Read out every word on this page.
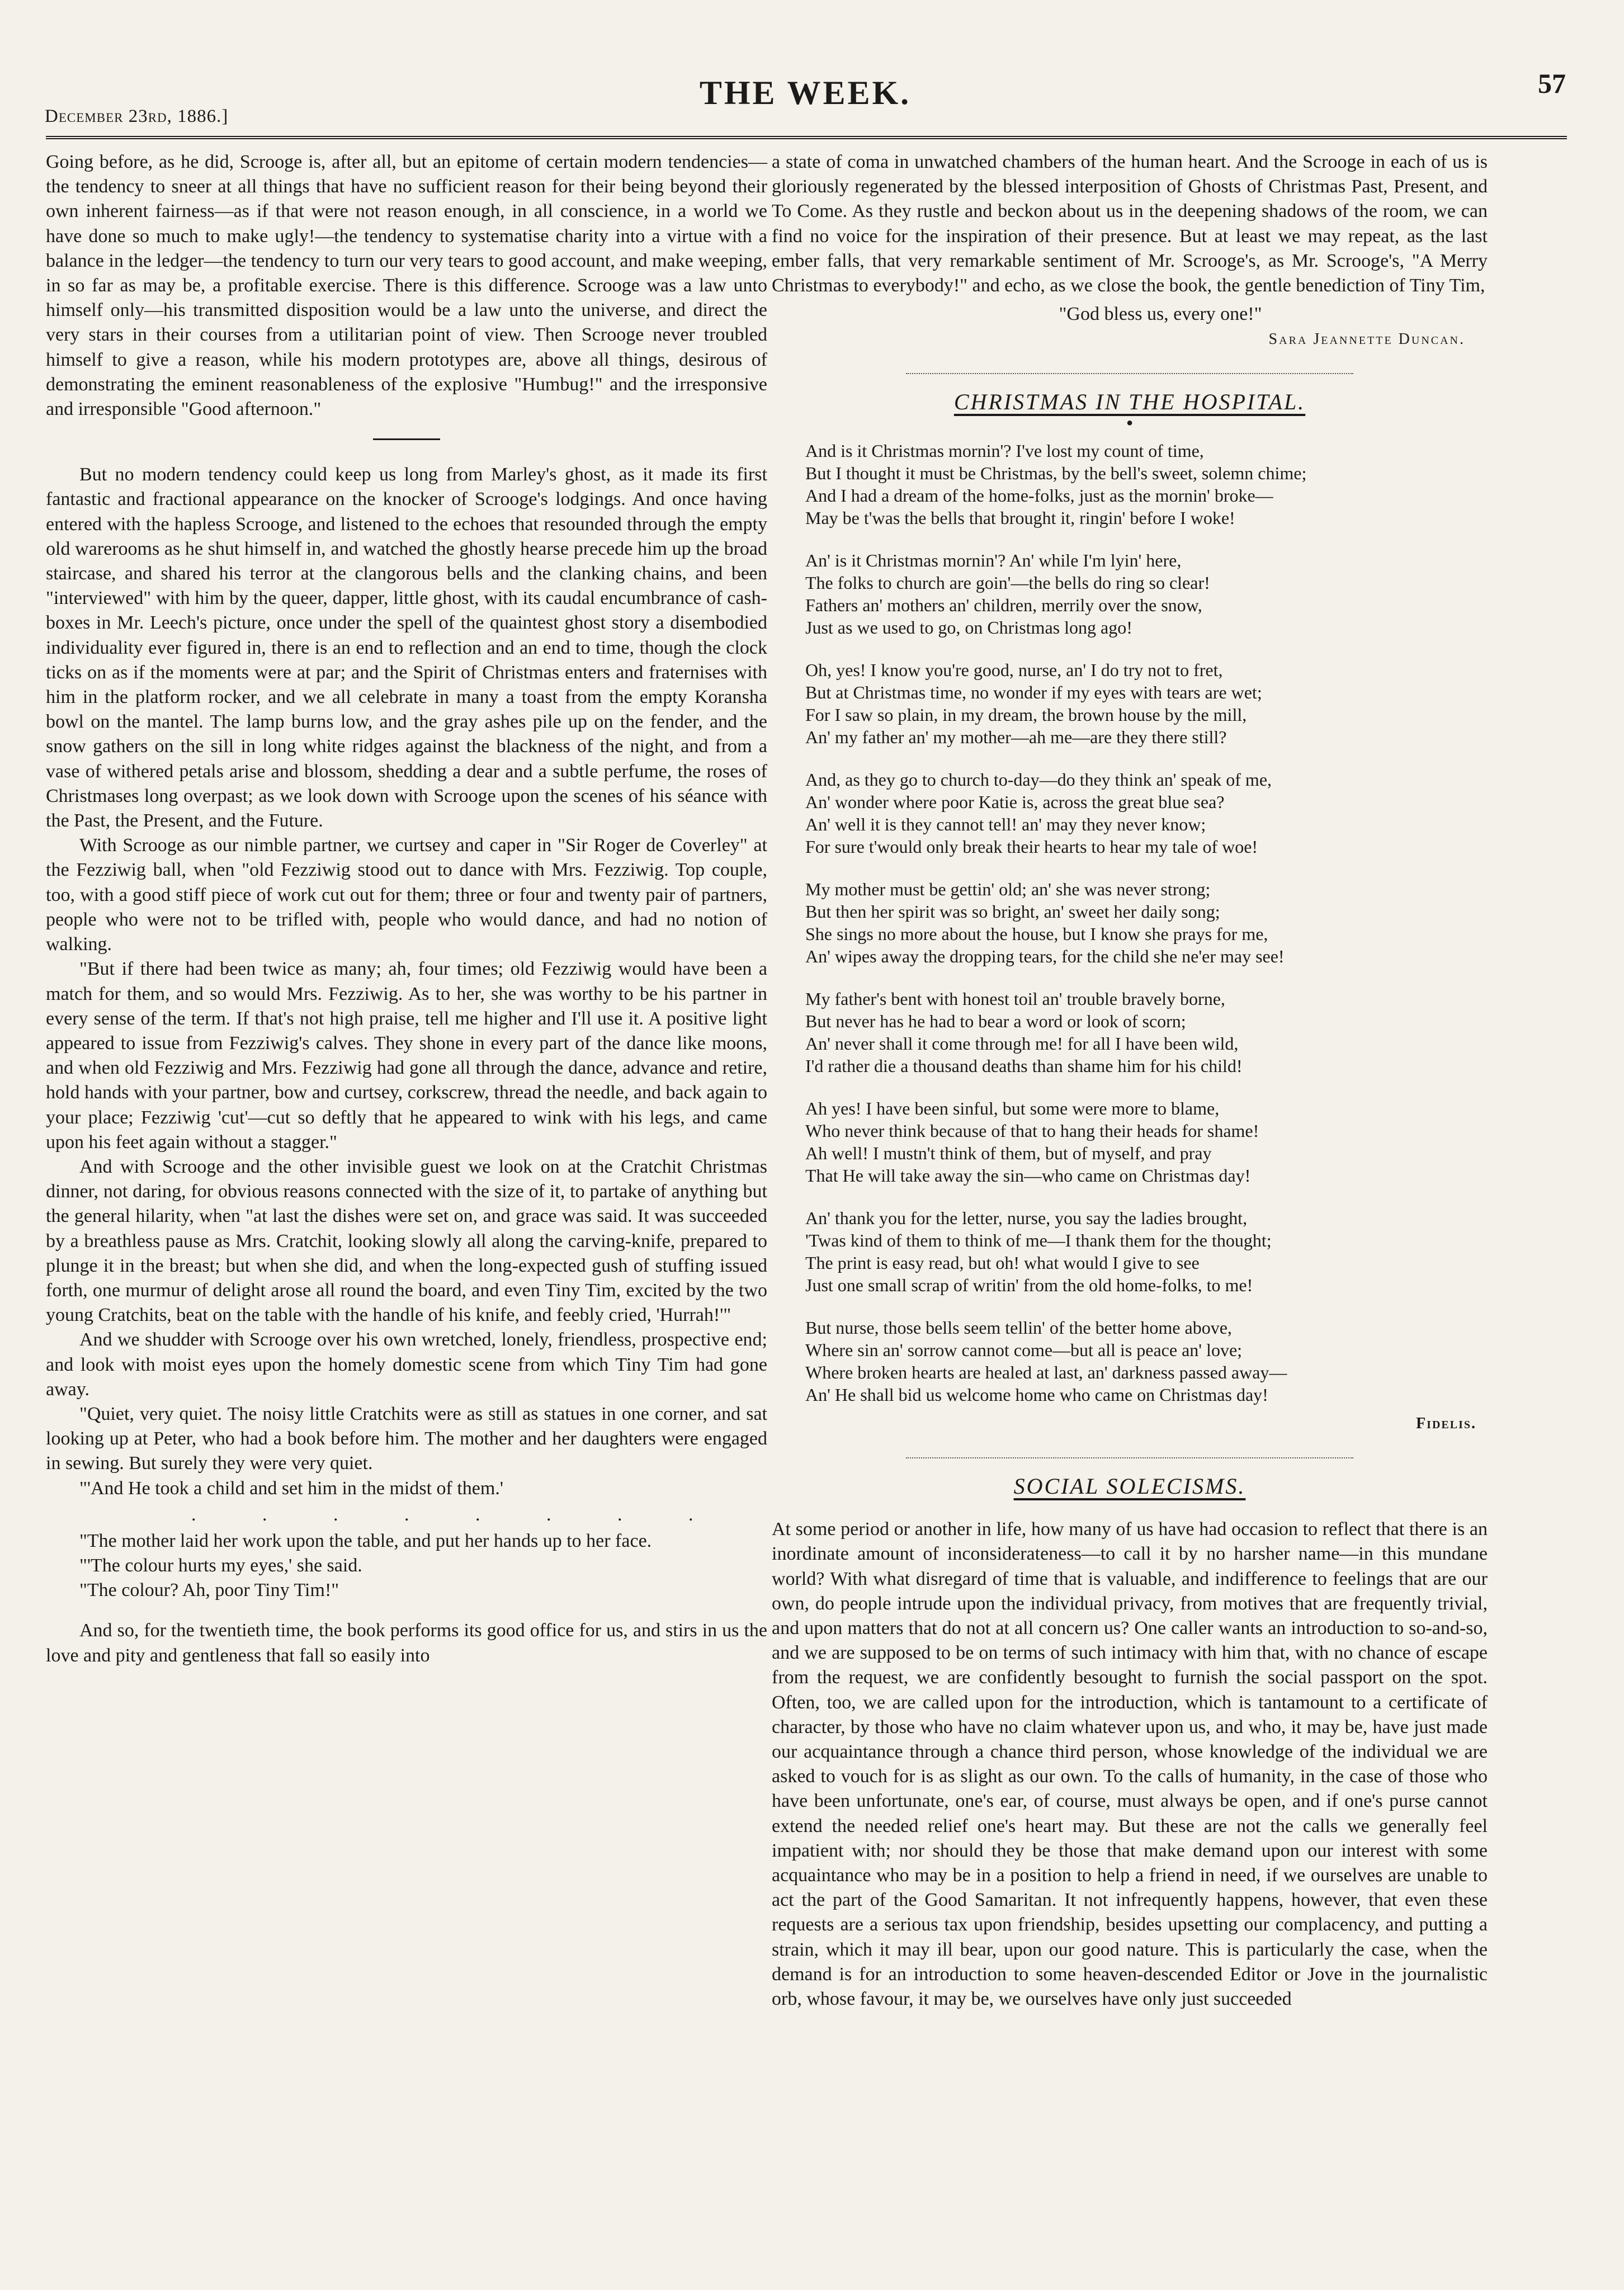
December 23rd, 1886.]
THE WEEK.	57

Going before, as he did, Scrooge is, after all, but an epitome of certain modern tendencies—the tendency to sneer at all things that have no sufficient reason for their being beyond their own inherent fairness—as if that were not reason enough, in all conscience, in a world we have done so much to make ugly!—the tendency to systematise charity into a virtue with a balance in the ledger—the tendency to turn our very tears to good account, and make weeping, in so far as may be, a profitable exercise. There is this difference. Scrooge was a law unto himself only—his transmitted disposition would be a law unto the universe, and direct the very stars in their courses from a utilitarian point of view. Then Scrooge never troubled himself to give a reason, while his modern prototypes are, above all things, desirous of demonstrating the eminent reasonableness of the explosive "Humbug!" and the irresponsive and irresponsible "Good afternoon."

But no modern tendency could keep us long from Marley's ghost, as it made its first fantastic and fractional appearance on the knocker of Scrooge's lodgings. And once having entered with the hapless Scrooge, and listened to the echoes that resounded through the empty old warerooms as he shut himself in, and watched the ghostly hearse precede him up the broad staircase, and shared his terror at the clangorous bells and the clanking chains, and been "interviewed" with him by the queer, dapper, little ghost, with its caudal encumbrance of cash-boxes in Mr. Leech's picture, once under the spell of the quaintest ghost story a disembodied individuality ever figured in, there is an end to reflection and an end to time, though the clock ticks on as if the moments were at par; and the Spirit of Christmas enters and fraternises with him in the platform rocker, and we all celebrate in many a toast from the empty Koransha bowl on the mantel. The lamp burns low, and the gray ashes pile up on the fender, and the snow gathers on the sill in long white ridges against the blackness of the night, and from a vase of withered petals arise and blossom, shedding a dear and a subtle perfume, the roses of Christmases long overpast; as we look down with Scrooge upon the scenes of his séance with the Past, the Present, and the Future.

With Scrooge as our nimble partner, we curtsey and caper in "Sir Roger de Coverley" at the Fezziwig ball, when "old Fezziwig stood out to dance with Mrs. Fezziwig. Top couple, too, with a good stiff piece of work cut out for them; three or four and twenty pair of partners, people who were not to be trifled with, people who would dance, and had no notion of walking.

"But if there had been twice as many; ah, four times; old Fezziwig would have been a match for them, and so would Mrs. Fezziwig. As to her, she was worthy to be his partner in every sense of the term. If that's not high praise, tell me higher and I'll use it. A positive light appeared to issue from Fezziwig's calves. They shone in every part of the dance like moons, and when old Fezziwig and Mrs. Fezziwig had gone all through the dance, advance and retire, hold hands with your partner, bow and curtsey, corkscrew, thread the needle, and back again to your place; Fezziwig 'cut'—cut so deftly that he appeared to wink with his legs, and came upon his feet again without a stagger."

And with Scrooge and the other invisible guest we look on at the Cratchit Christmas dinner, not daring, for obvious reasons connected with the size of it, to partake of anything but the general hilarity, when "at last the dishes were set on, and grace was said. It was succeeded by a breathless pause as Mrs. Cratchit, looking slowly all along the carving-knife, prepared to plunge it in the breast; but when she did, and when the long-expected gush of stuffing issued forth, one murmur of delight arose all round the board, and even Tiny Tim, excited by the two young Cratchits, beat on the table with the handle of his knife, and feebly cried, 'Hurrah!'"

And we shudder with Scrooge over his own wretched, lonely, friendless, prospective end; and look with moist eyes upon the homely domestic scene from which Tiny Tim had gone away.

"Quiet, very quiet. The noisy little Cratchits were as still as statues in one corner, and sat looking up at Peter, who had a book before him. The mother and her daughters were engaged in sewing. But surely they were very quiet.

"'And He took a child and set him in the midst of them.'

. . . . . . . .

"The mother laid her work upon the table, and put her hands up to her face.

"'The colour hurts my eyes,' she said.

"The colour? Ah, poor Tiny Tim!"

And so, for the twentieth time, the book performs its good office for us, and stirs in us the love and pity and gentleness that fall so easily into

a state of coma in unwatched chambers of the human heart. And the Scrooge in each of us is gloriously regenerated by the blessed interposition of Ghosts of Christmas Past, Present, and To Come. As they rustle and beckon about us in the deepening shadows of the room, we can find no voice for the inspiration of their presence. But at least we may repeat, as the last ember falls, that very remarkable sentiment of Mr. Scrooge's, as Mr. Scrooge's, "A Merry Christmas to everybody!" and echo, as we close the book, the gentle benediction of Tiny Tim,

"God bless us, every one!"
Sara Jeannette Duncan.
CHRISTMAS IN THE HOSPITAL.
●
And is it Christmas mornin'? I've lost my count of time,
But I thought it must be Christmas, by the bell's sweet, solemn chime;
And I had a dream of the home-folks, just as the mornin' broke—
May be t'was the bells that brought it, ringin' before I woke!
An' is it Christmas mornin'? An' while I'm lyin' here,
The folks to church are goin'—the bells do ring so clear!
Fathers an' mothers an' children, merrily over the snow,
Just as we used to go, on Christmas long ago!
Oh, yes! I know you're good, nurse, an' I do try not to fret,
But at Christmas time, no wonder if my eyes with tears are wet;
For I saw so plain, in my dream, the brown house by the mill,
An' my father an' my mother—ah me—are they there still?
And, as they go to church to-day—do they think an' speak of me,
An' wonder where poor Katie is, across the great blue sea?
An' well it is they cannot tell! an' may they never know;
For sure t'would only break their hearts to hear my tale of woe!
My mother must be gettin' old; an' she was never strong;
But then her spirit was so bright, an' sweet her daily song;
She sings no more about the house, but I know she prays for me,
An' wipes away the dropping tears, for the child she ne'er may see!
My father's bent with honest toil an' trouble bravely borne,
But never has he had to bear a word or look of scorn;
An' never shall it come through me! for all I have been wild,
I'd rather die a thousand deaths than shame him for his child!
Ah yes! I have been sinful, but some were more to blame,
Who never think because of that to hang their heads for shame!
Ah well! I mustn't think of them, but of myself, and pray
That He will take away the sin—who came on Christmas day!
An' thank you for the letter, nurse, you say the ladies brought,
'Twas kind of them to think of me—I thank them for the thought;
The print is easy read, but oh! what would I give to see
Just one small scrap of writin' from the old home-folks, to me!
But nurse, those bells seem tellin' of the better home above,
Where sin an' sorrow cannot come—but all is peace an' love;
Where broken hearts are healed at last, an' darkness passed away—
An' He shall bid us welcome home who came on Christmas day!
Fidelis.
SOCIAL SOLECISMS.

At some period or another in life, how many of us have had occasion to reflect that there is an inordinate amount of inconsiderateness—to call it by no harsher name—in this mundane world? With what disregard of time that is valuable, and indifference to feelings that are our own, do people intrude upon the individual privacy, from motives that are frequently trivial, and upon matters that do not at all concern us? One caller wants an introduction to so-and-so, and we are supposed to be on terms of such intimacy with him that, with no chance of escape from the request, we are confidently besought to furnish the social passport on the spot. Often, too, we are called upon for the introduction, which is tantamount to a certificate of character, by those who have no claim whatever upon us, and who, it may be, have just made our acquaintance through a chance third person, whose knowledge of the individual we are asked to vouch for is as slight as our own. To the calls of humanity, in the case of those who have been unfortunate, one's ear, of course, must always be open, and if one's purse cannot extend the needed relief one's heart may. But these are not the calls we generally feel impatient with; nor should they be those that make demand upon our interest with some acquaintance who may be in a position to help a friend in need, if we ourselves are unable to act the part of the Good Samaritan. It not infrequently happens, however, that even these requests are a serious tax upon friendship, besides upsetting our complacency, and putting a strain, which it may ill bear, upon our good nature. This is particularly the case, when the demand is for an introduction to some heaven-descended Editor or Jove in the journalistic orb, whose favour, it may be, we ourselves have only just succeeded
